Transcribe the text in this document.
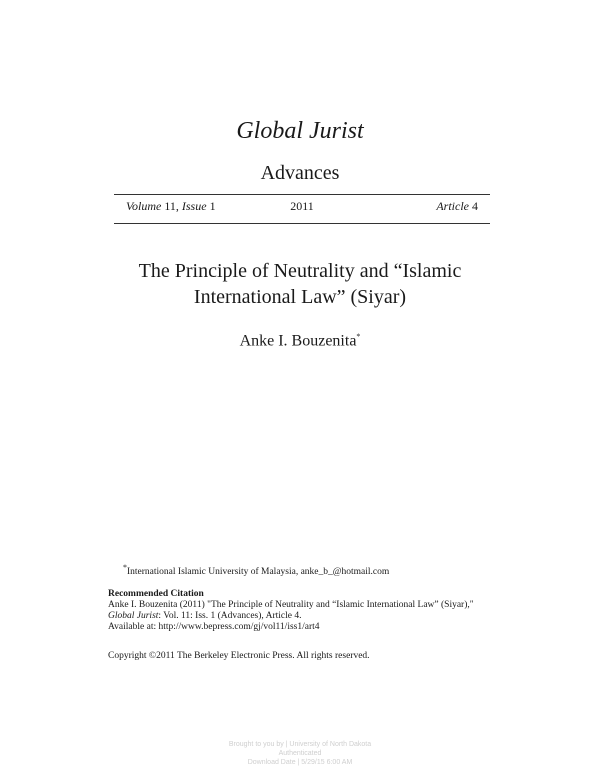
Global Jurist
Advances
Volume 11, Issue 1	2011	Article 4
The Principle of Neutrality and “Islamic
International Law” (Siyar)
Anke I. Bouzenita*
*International Islamic University of Malaysia, anke_b_@hotmail.com
Recommended Citation
Anke I. Bouzenita (2011) "The Principle of Neutrality and “Islamic International Law” (Siyar),"
Global Jurist: Vol. 11: Iss. 1 (Advances), Article 4.
Available at: http://www.bepress.com/gj/vol11/iss1/art4
Copyright ©2011 The Berkeley Electronic Press. All rights reserved.
Brought to you by | University of North Dakota
Authenticated
Download Date | 5/29/15 6:00 AM
